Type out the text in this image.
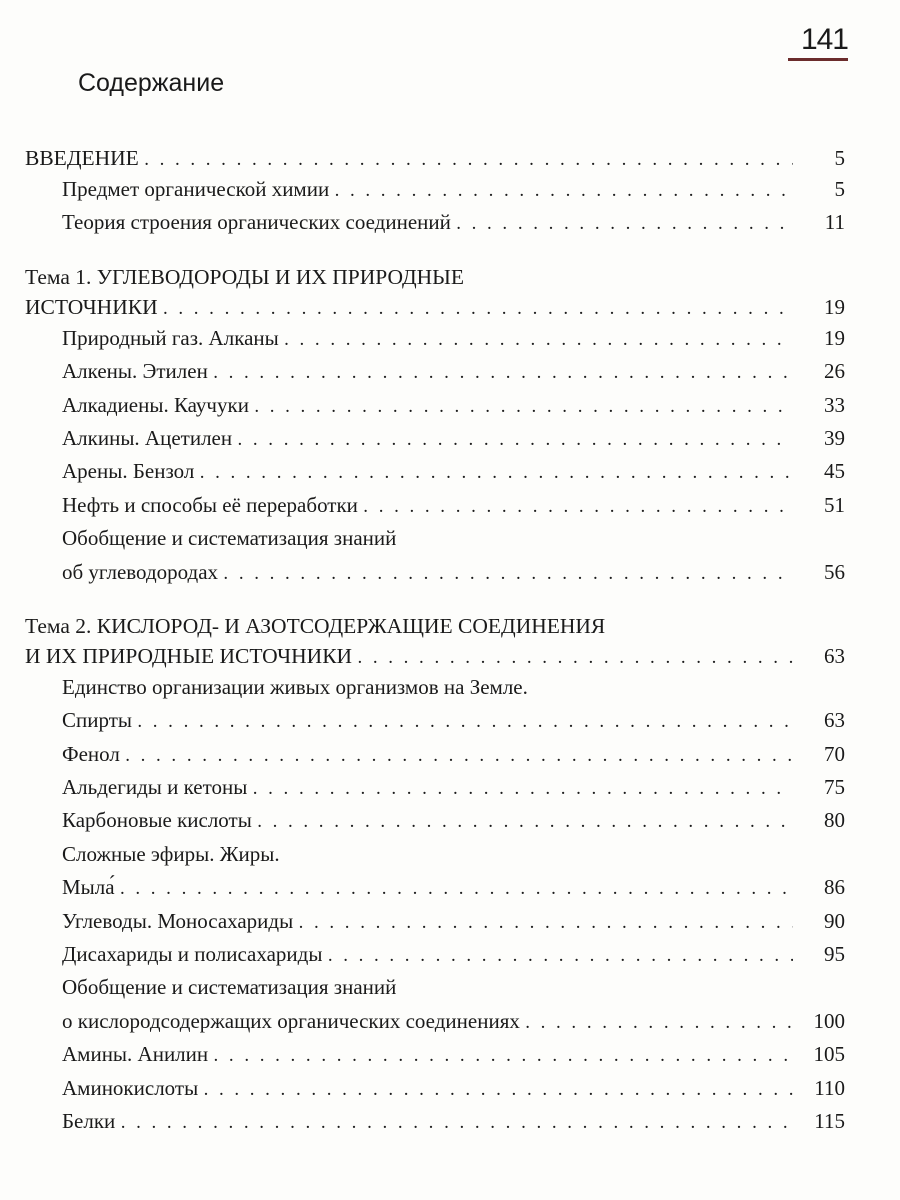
141
Содержание
ВВЕДЕНИЕ . . .	5
Предмет органической химии . . .	5
Теория строения органических соединений . . .	11
Тема 1. УГЛЕВОДОРОДЫ И ИХ ПРИРОДНЫЕ
ИСТОЧНИКИ . . .	19
Природный газ. Алканы . . .	19
Алкены. Этилен . . .	26
Алкадиены. Каучуки . . .	33
Алкины. Ацетилен . . .	39
Арены. Бензол . . .	45
Нефть и способы её переработки . . .	51
Обобщение и систематизация знаний
об углеводородах . . .	56
Тема 2. КИСЛОРОД- И АЗОТСОДЕРЖАЩИЕ СОЕДИНЕНИЯ
И ИХ ПРИРОДНЫЕ ИСТОЧНИКИ . . .	63
Единство организации живых организмов на Земле.
Спирты . . .	63
Фенол . . .	70
Альдегиды и кетоны . . .	75
Карбоновые кислоты . . .	80
Сложные эфиры. Жиры.
Мыла́ . . .	86
Углеводы. Моносахариды . . .	90
Дисахариды и полисахариды . . .	95
Обобщение и систематизация знаний
о кислородсодержащих органических соединениях . . .	100
Амины. Анилин . . .	105
Аминокислоты . . .	110
Белки . . .	115
